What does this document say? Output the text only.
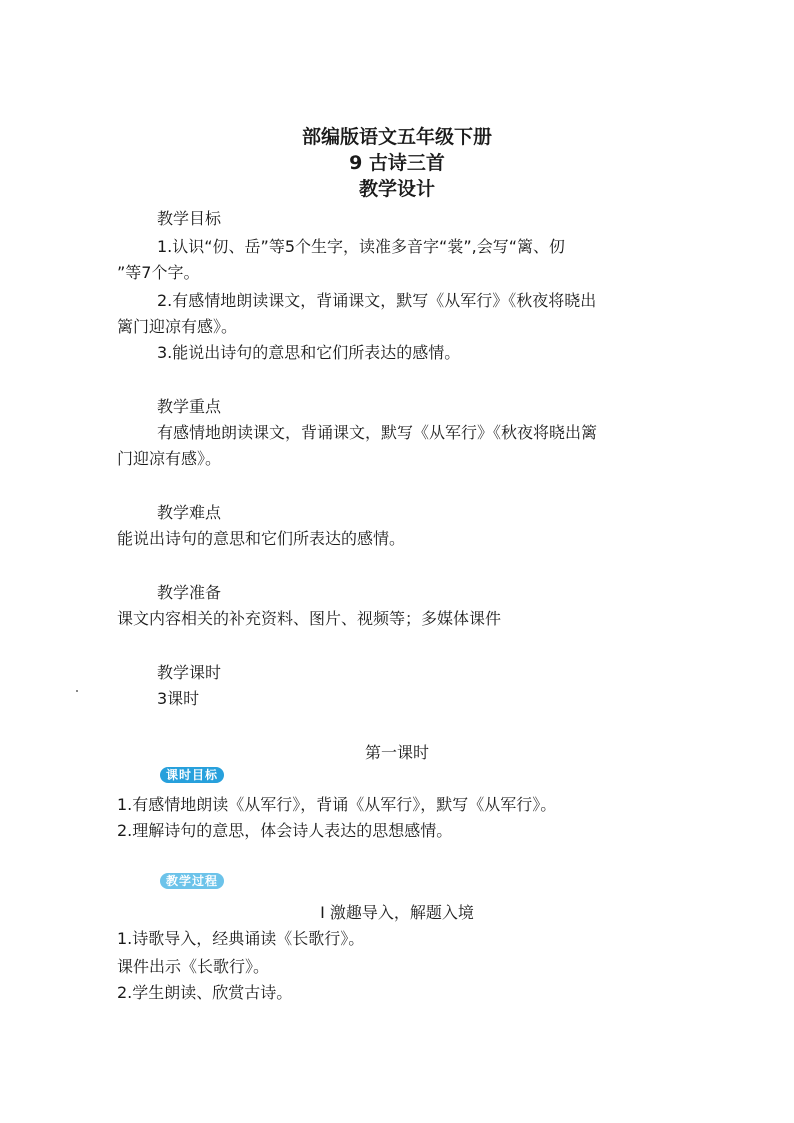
部编版语文五年级下册
9 古诗三首
教学设计
教学目标
1.认识“仞、岳”等5个生字，读准多音字“裳”,会写“篱、仞
”等7个字。
2.有感情地朗读课文，背诵课文，默写《从军行》《秋夜将晓出
篱门迎凉有感》。
3.能说出诗句的意思和它们所表达的感情。
教学重点
有感情地朗读课文，背诵课文，默写《从军行》《秋夜将晓出篱
门迎凉有感》。
教学难点
能说出诗句的意思和它们所表达的感情。
教学准备
课文内容相关的补充资料、图片、视频等；多媒体课件
教学课时
3课时
第一课时
课时目标
1.有感情地朗读《从军行》，背诵《从军行》，默写《从军行》。
2.理解诗句的意思，体会诗人表达的思想感情。
教学过程
Ⅰ 激趣导入，解题入境
1.诗歌导入，经典诵读《长歌行》。
课件出示《长歌行》。
2.学生朗读、欣赏古诗。
